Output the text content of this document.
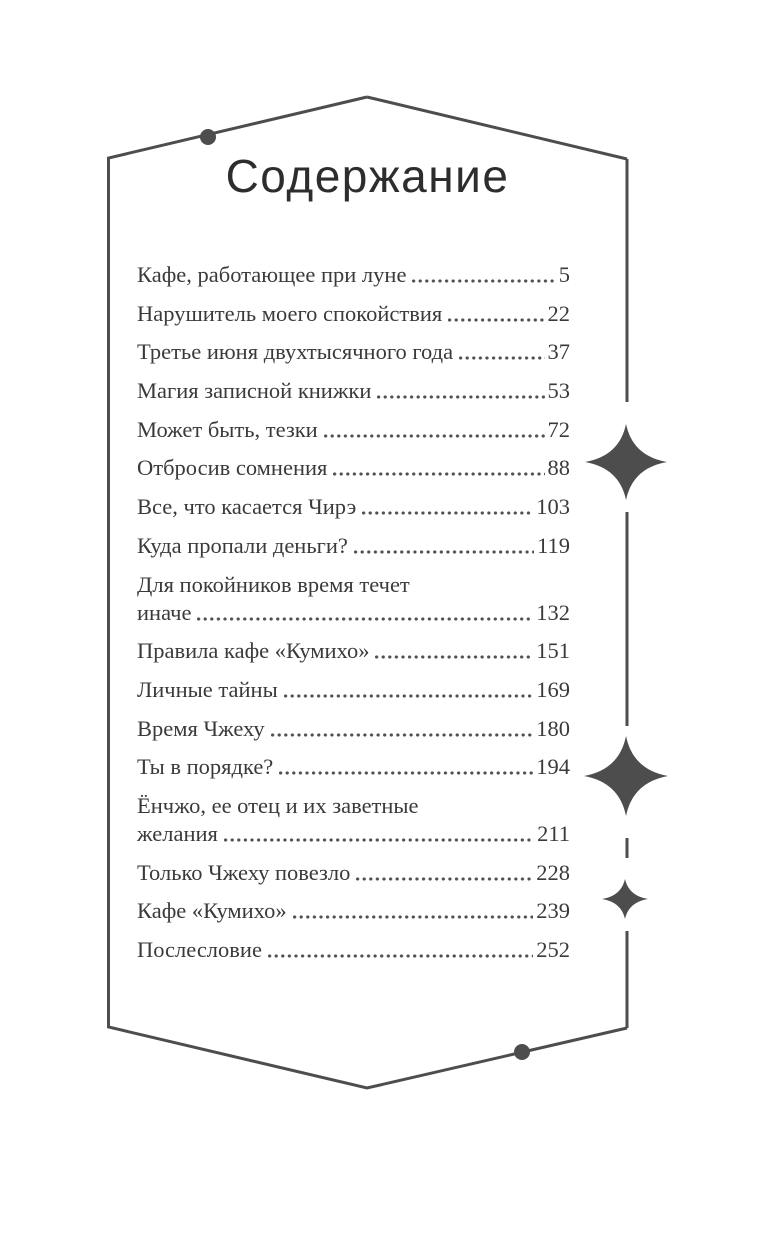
Содержание
Кафе, работающее при луне	5
Нарушитель моего спокойствия	22
Третье июня двухтысячного года	37
Магия записной книжки	53
Может быть, тезки	72
Отбросив сомнения	88
Все, что касается Чирэ	103
Куда пропали деньги?	119
Для покойников время течет
иначе	132
Правила кафе «Кумихо»	151
Личные тайны	169
Время Чжеху	180
Ты в порядке?	194
Ёнчжо, ее отец и их заветные
желания	211
Только Чжеху повезло	228
Кафе «Кумихо»	239
Послесловие	252
